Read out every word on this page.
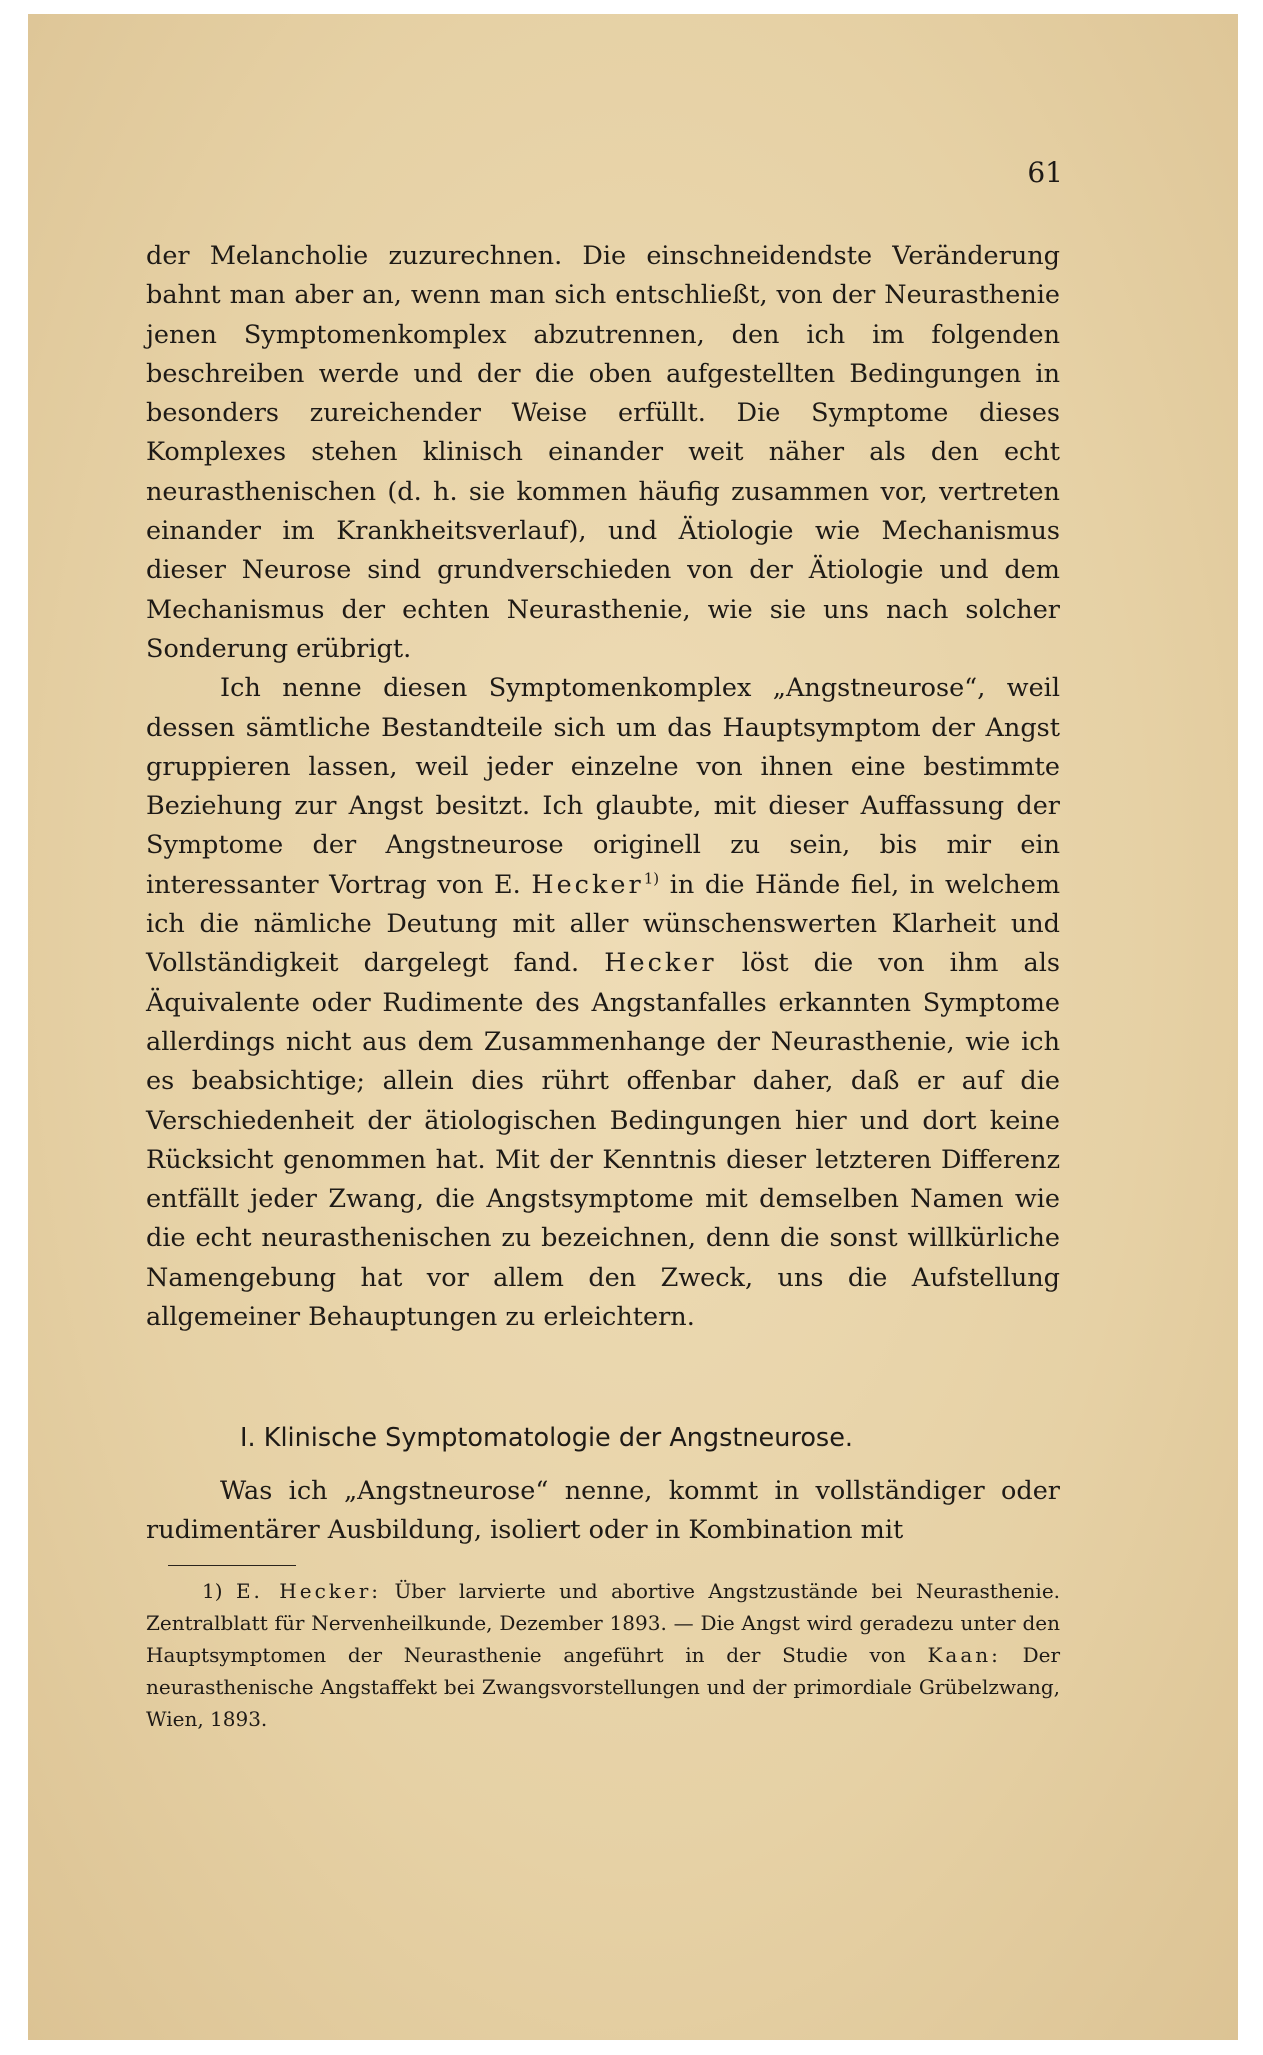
61

der Melancholie zuzurechnen. Die einschneidendste Veränderung bahnt man aber an, wenn man sich entschließt, von der Neurasthenie jenen Symptomenkomplex abzutrennen, den ich im folgenden beschreiben werde und der die oben aufgestellten Bedingungen in besonders zureichender Weise erfüllt. Die Symptome dieses Komplexes stehen klinisch einander weit näher als den echt neurasthenischen (d. h. sie kommen häufig zusammen vor, vertreten einander im Krankheitsverlauf), und Ätiologie wie Mechanismus dieser Neurose sind grundverschieden von der Ätiologie und dem Mechanismus der echten Neurasthenie, wie sie uns nach solcher Sonderung erübrigt.

Ich nenne diesen Symptomenkomplex „Angstneurose“, weil dessen sämtliche Bestandteile sich um das Hauptsymptom der Angst gruppieren lassen, weil jeder einzelne von ihnen eine bestimmte Beziehung zur Angst besitzt. Ich glaubte, mit dieser Auffassung der Symptome der Angstneurose originell zu sein, bis mir ein interessanter Vortrag von E. Hecker$^{1)}$ in die Hände fiel, in welchem ich die nämliche Deutung mit aller wünschenswerten Klarheit und Vollständigkeit dargelegt fand. Hecker löst die von ihm als Äquivalente oder Rudimente des Angstanfalles erkannten Symptome allerdings nicht aus dem Zusammenhange der Neurasthenie, wie ich es beabsichtige; allein dies rührt offenbar daher, daß er auf die Verschiedenheit der ätiologischen Bedingungen hier und dort keine Rücksicht genommen hat. Mit der Kenntnis dieser letzteren Differenz entfällt jeder Zwang, die Angstsymptome mit demselben Namen wie die echt neurasthenischen zu bezeichnen, denn die sonst willkürliche Namengebung hat vor allem den Zweck, uns die Aufstellung allgemeiner Behauptungen zu erleichtern.

I. Klinische Symptomatologie der Angstneurose.

Was ich „Angstneurose“ nenne, kommt in vollständiger oder rudimentärer Ausbildung, isoliert oder in Kombination mit

1) E. Hecker: Über larvierte und abortive Angstzustände bei Neurasthenie. Zentralblatt für Nervenheilkunde, Dezember 1893. — Die Angst wird geradezu unter den Hauptsymptomen der Neurasthenie angeführt in der Studie von Kaan: Der neurasthenische Angstaffekt bei Zwangsvorstellungen und der primordiale Grübelzwang, Wien, 1893.
